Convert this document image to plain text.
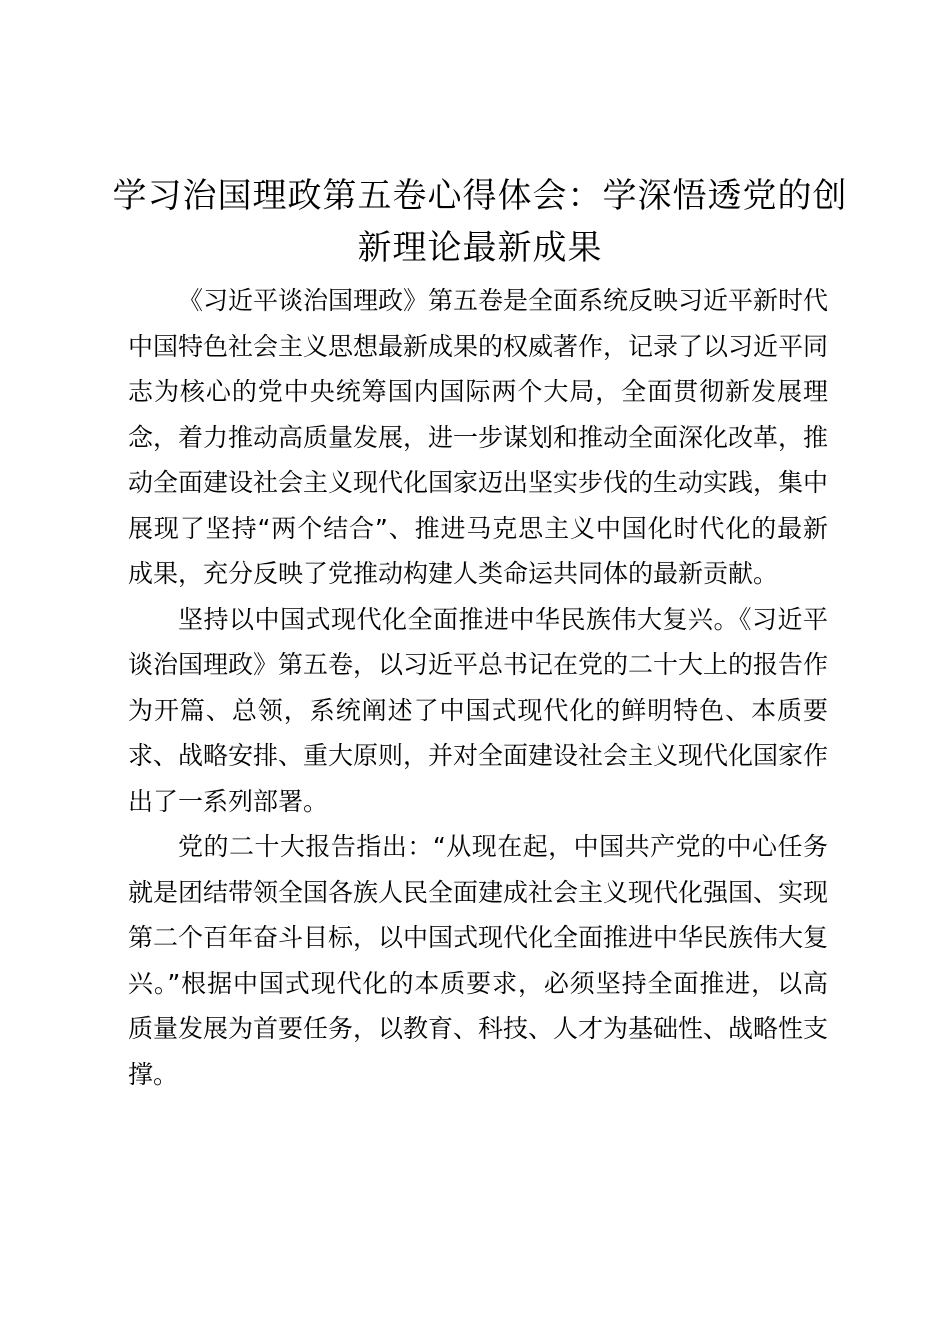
学习治国理政第五卷心得体会：学深悟透党的创新理论最新成果

《习近平谈治国理政》第五卷是全面系统反映习近平新时代中国特色社会主义思想最新成果的权威著作，记录了以习近平同志为核心的党中央统筹国内国际两个大局，全面贯彻新发展理念，着力推动高质量发展，进一步谋划和推动全面深化改革，推动全面建设社会主义现代化国家迈出坚实步伐的生动实践，集中展现了坚持“两个结合”、推进马克思主义中国化时代化的最新成果，充分反映了党推动构建人类命运共同体的最新贡献。

坚持以中国式现代化全面推进中华民族伟大复兴。《习近平谈治国理政》第五卷，以习近平总书记在党的二十大上的报告作为开篇、总领，系统阐述了中国式现代化的鲜明特色、本质要求、战略安排、重大原则，并对全面建设社会主义现代化国家作出了一系列部署。

党的二十大报告指出：“从现在起，中国共产党的中心任务就是团结带领全国各族人民全面建成社会主义现代化强国、实现第二个百年奋斗目标，以中国式现代化全面推进中华民族伟大复兴。”根据中国式现代化的本质要求，必须坚持全面推进，以高质量发展为首要任务，以教育、科技、人才为基础性、战略性支撑。
